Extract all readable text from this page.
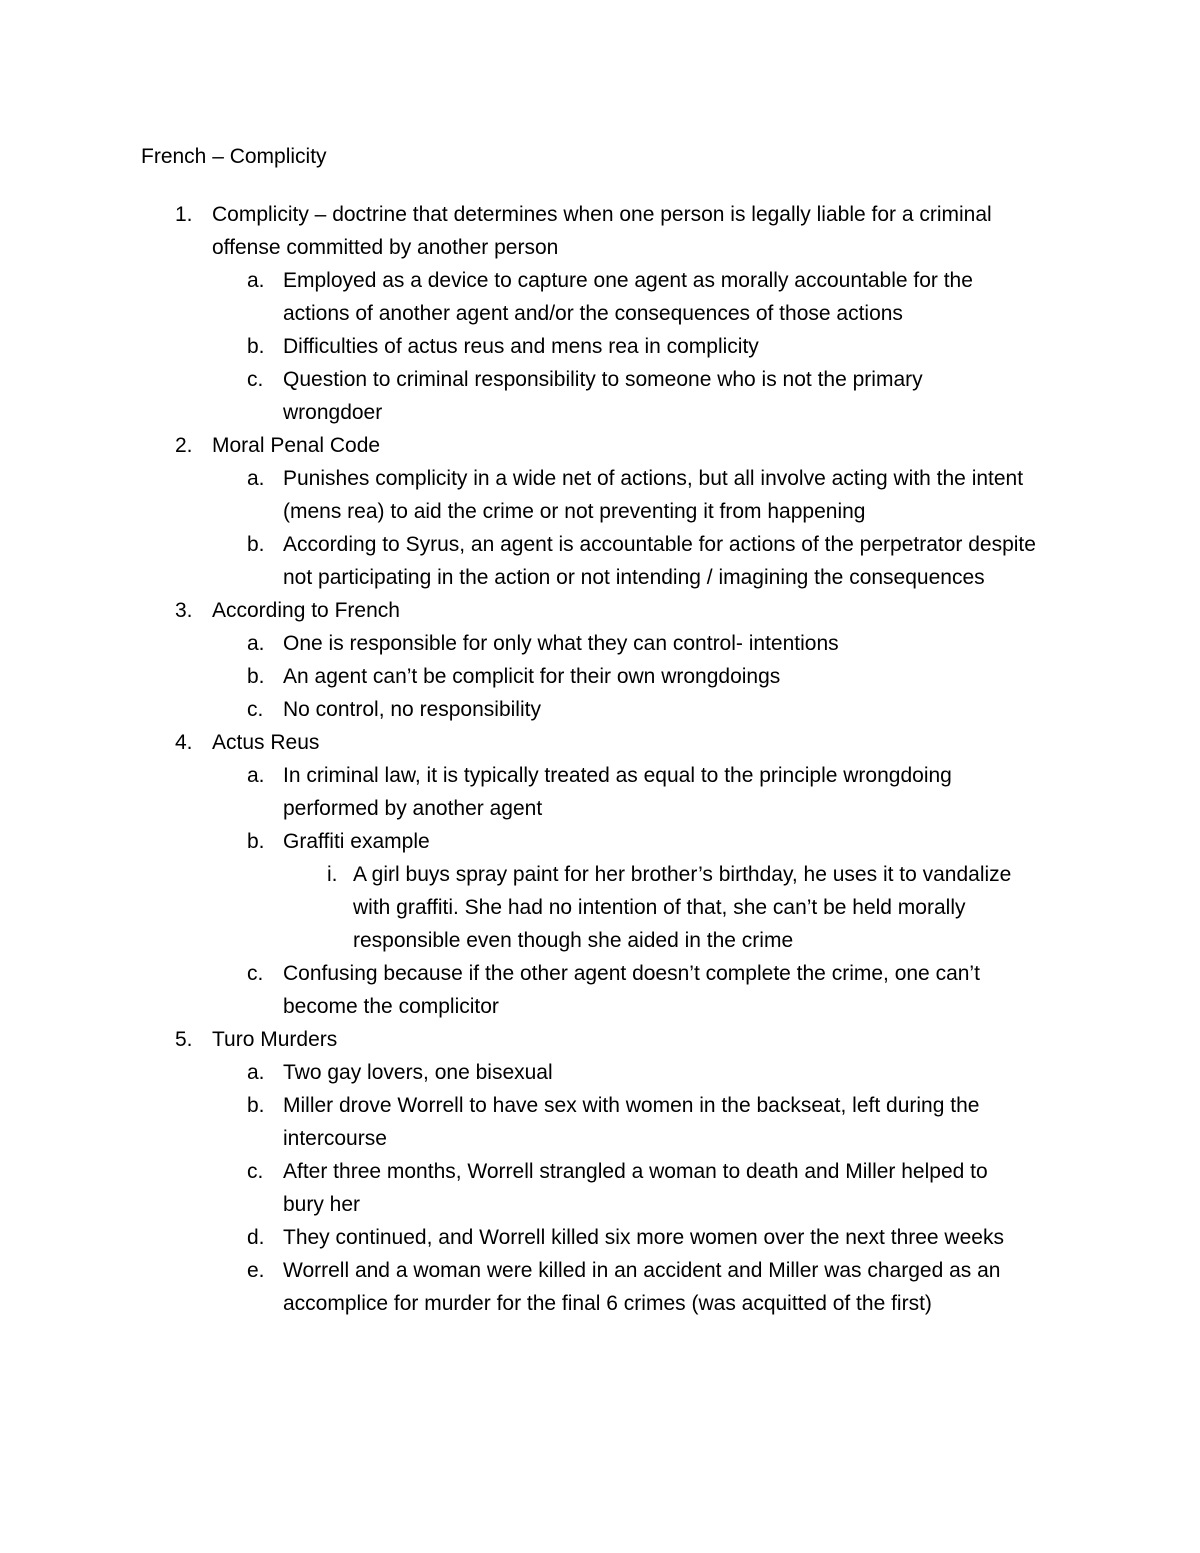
French – Complicity
1. Complicity – doctrine that determines when one person is legally liable for a criminal
offense committed by another person
a. Employed as a device to capture one agent as morally accountable for the
actions of another agent and/or the consequences of those actions
b. Difficulties of actus reus and mens rea in complicity
c. Question to criminal responsibility to someone who is not the primary
wrongdoer
2. Moral Penal Code
a. Punishes complicity in a wide net of actions, but all involve acting with the intent
(mens rea) to aid the crime or not preventing it from happening
b. According to Syrus, an agent is accountable for actions of the perpetrator despite
not participating in the action or not intending / imagining the consequences
3. According to French
a. One is responsible for only what they can control- intentions
b. An agent can’t be complicit for their own wrongdoings
c. No control, no responsibility
4. Actus Reus
a. In criminal law, it is typically treated as equal to the principle wrongdoing
performed by another agent
b. Graffiti example
i. A girl buys spray paint for her brother’s birthday, he uses it to vandalize
with graffiti. She had no intention of that, she can’t be held morally
responsible even though she aided in the crime
c. Confusing because if the other agent doesn’t complete the crime, one can’t
become the complicitor
5. Turo Murders
a. Two gay lovers, one bisexual
b. Miller drove Worrell to have sex with women in the backseat, left during the
intercourse
c. After three months, Worrell strangled a woman to death and Miller helped to
bury her
d. They continued, and Worrell killed six more women over the next three weeks
e. Worrell and a woman were killed in an accident and Miller was charged as an
accomplice for murder for the final 6 crimes (was acquitted of the first)
